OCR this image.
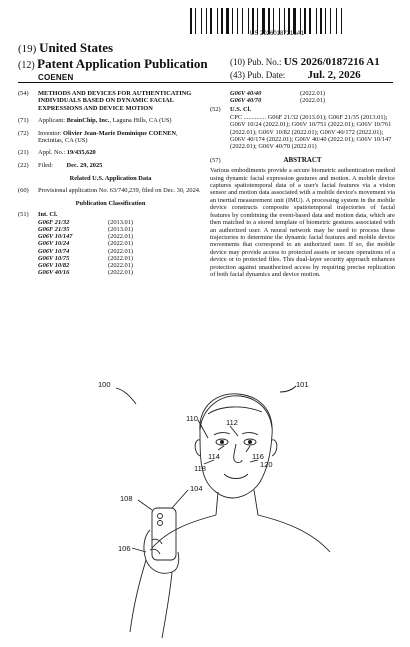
US 20260187216A1
(19) United States
(12) Patent Application Publication
COENEN
(10) Pub. No.: US 2026/0187216 A1
(43) Pub. Date: Jul. 2, 2026
(54)	METHODS AND DEVICES FOR AUTHENTICATING INDIVIDUALS BASED ON DYNAMIC FACIAL EXPRESSIONS AND DEVICE MOTION
(71)	Applicant: BrainChip, Inc., Laguna Hills, CA (US)
(72)	Inventor: Olivier Jean-Marie Dominique COENEN, Encinitas, CA (US)
(21)	Appl. No.: 19/435,620
(22)	Filed: Dec. 29, 2025
Related U.S. Application Data
(60)	Provisional application No. 63/740,239, filed on Dec. 30, 2024.
Publication Classification
(51)	Int. Cl.
G06F 21/32	(2013.01)
G06F 21/35	(2013.01)
G06V 10/147	(2022.01)
G06V 10/24	(2022.01)
G06V 10/74	(2022.01)
G06V 10/75	(2022.01)
G06V 10/82	(2022.01)
G06V 40/16	(2022.01)
G06V 40/40	(2022.01)
G06V 40/70	(2022.01)
(52)	U.S. Cl.
CPC .............. G06F 21/32 (2013.01); G06F 21/35 (2013.01); G06V 10/24 (2022.01); G06V 10/751 (2022.01); G06V 10/761 (2022.01); G06V 10/82 (2022.01); G06V 40/172 (2022.01); G06V 40/174 (2022.01); G06V 40/40 (2022.01); G06V 10/147 (2022.01); G06V 40/70 (2022.01)
(57)	ABSTRACT
Various embodiments provide a secure biometric authentication method using dynamic facial expression gestures and motion. A mobile device captures spatiotemporal data of a user's facial features via a vision sensor and motion data associated with a mobile device's movement via an inertial measurement unit (IMU). A processing system in the mobile device constructs composite spatiotemporal trajectories of facial features by combining the event-based data and motion data, which are then matched to a stored template of biometric gestures associated with an authorized user. A neural network may be used to process these trajectories to determine the dynamic facial features and mobile device movements that correspond to an authorized user. If so, the mobile device may provide access to protected assets or secure operations of a device or to protected files. This dual-layer security approach enhances protection against unauthorized access by requiring precise replication of both facial dynamics and device motion.
100	101
110	112
114	116
118	120
108
104
106
